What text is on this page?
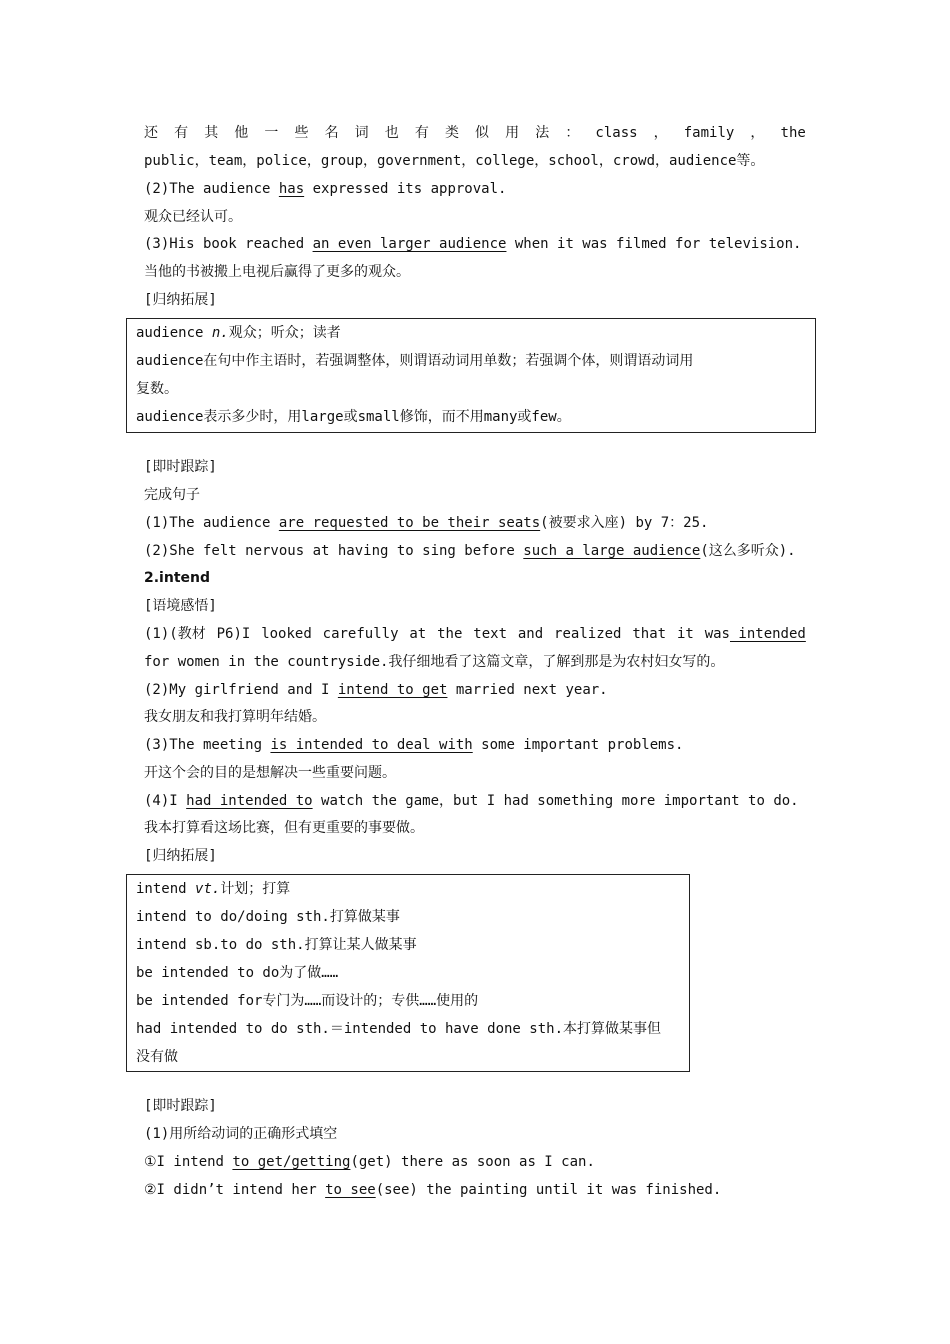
还 有 其 他 一 些 名 词 也 有 类 似 用 法 ： class ， family ， the
public，team，police，group，government，college，school，crowd，audience等。
(2)The audience has expressed its approval.
观众已经认可。
(3)His book reached an even larger audience when it was filmed for television.
当他的书被搬上电视后赢得了更多的观众。
[归纳拓展]
audience n.观众；听众；读者
audience在句中作主语时，若强调整体，则谓语动词用单数；若强调个体，则谓语动词用
复数。
audience表示多少时，用large或small修饰，而不用many或few。
[即时跟踪]
完成句子
(1)The audience are requested to be their seats(被要求入座) by 7：25.
(2)She felt nervous at having to sing before such a large audience(这么多听众).
2.intend
[语境感悟]
(1)(教材 P6)I looked carefully at the text and realized that it was intended
for women in the countryside.我仔细地看了这篇文章，了解到那是为农村妇女写的。
(2)My girlfriend and I intend to get married next year.
我女朋友和我打算明年结婚。
(3)The meeting is intended to deal with some important problems.
开这个会的目的是想解决一些重要问题。
(4)I had intended to watch the game，but I had something more important to do.
我本打算看这场比赛，但有更重要的事要做。
[归纳拓展]
intend vt.计划；打算
intend to do/doing sth.打算做某事
intend sb.to do sth.打算让某人做某事
be intended to do为了做……
be intended for专门为……而设计的；专供……使用的
had intended to do sth.＝intended to have done sth.本打算做某事但
没有做
[即时跟踪]
(1)用所给动词的正确形式填空
①I intend to get/getting(get) there as soon as I can.
②I didn’t intend her to see(see) the painting until it was finished.
